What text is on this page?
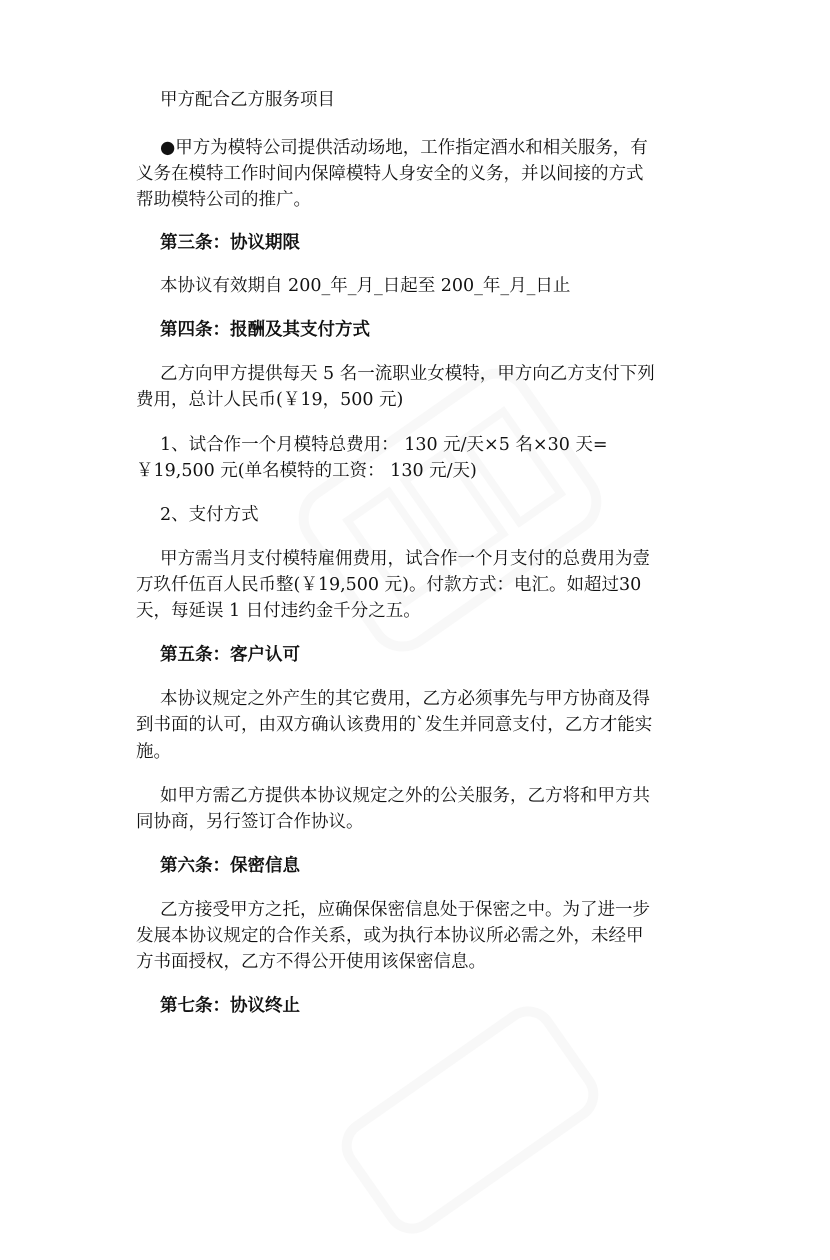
甲方配合乙方服务项目
●甲方为模特公司提供活动场地，工作指定酒水和相关服务，有
义务在模特工作时间内保障模特人身安全的义务，并以间接的方式
帮助模特公司的推广。
第三条：协议期限
本协议有效期自 200_年_月_日起至 200_年_月_日止
第四条：报酬及其支付方式
乙方向甲方提供每天 5 名一流职业女模特，甲方向乙方支付下列
费用，总计人民币(￥19，500 元)
1、试合作一个月模特总费用： 130 元/天×5 名×30 天=
￥19,500 元(单名模特的工资： 130 元/天)
2、支付方式
甲方需当月支付模特雇佣费用，试合作一个月支付的总费用为壹
万玖仟伍百人民币整(￥19,500 元)。付款方式：电汇。如超过30
天，每延误 1 日付违约金千分之五。
第五条：客户认可
本协议规定之外产生的其它费用，乙方必须事先与甲方协商及得
到书面的认可，由双方确认该费用的`发生并同意支付，乙方才能实
施。
如甲方需乙方提供本协议规定之外的公关服务，乙方将和甲方共
同协商，另行签订合作协议。
第六条：保密信息
乙方接受甲方之托，应确保保密信息处于保密之中。为了进一步
发展本协议规定的合作关系，或为执行本协议所必需之外，未经甲
方书面授权，乙方不得公开使用该保密信息。
第七条：协议终止
